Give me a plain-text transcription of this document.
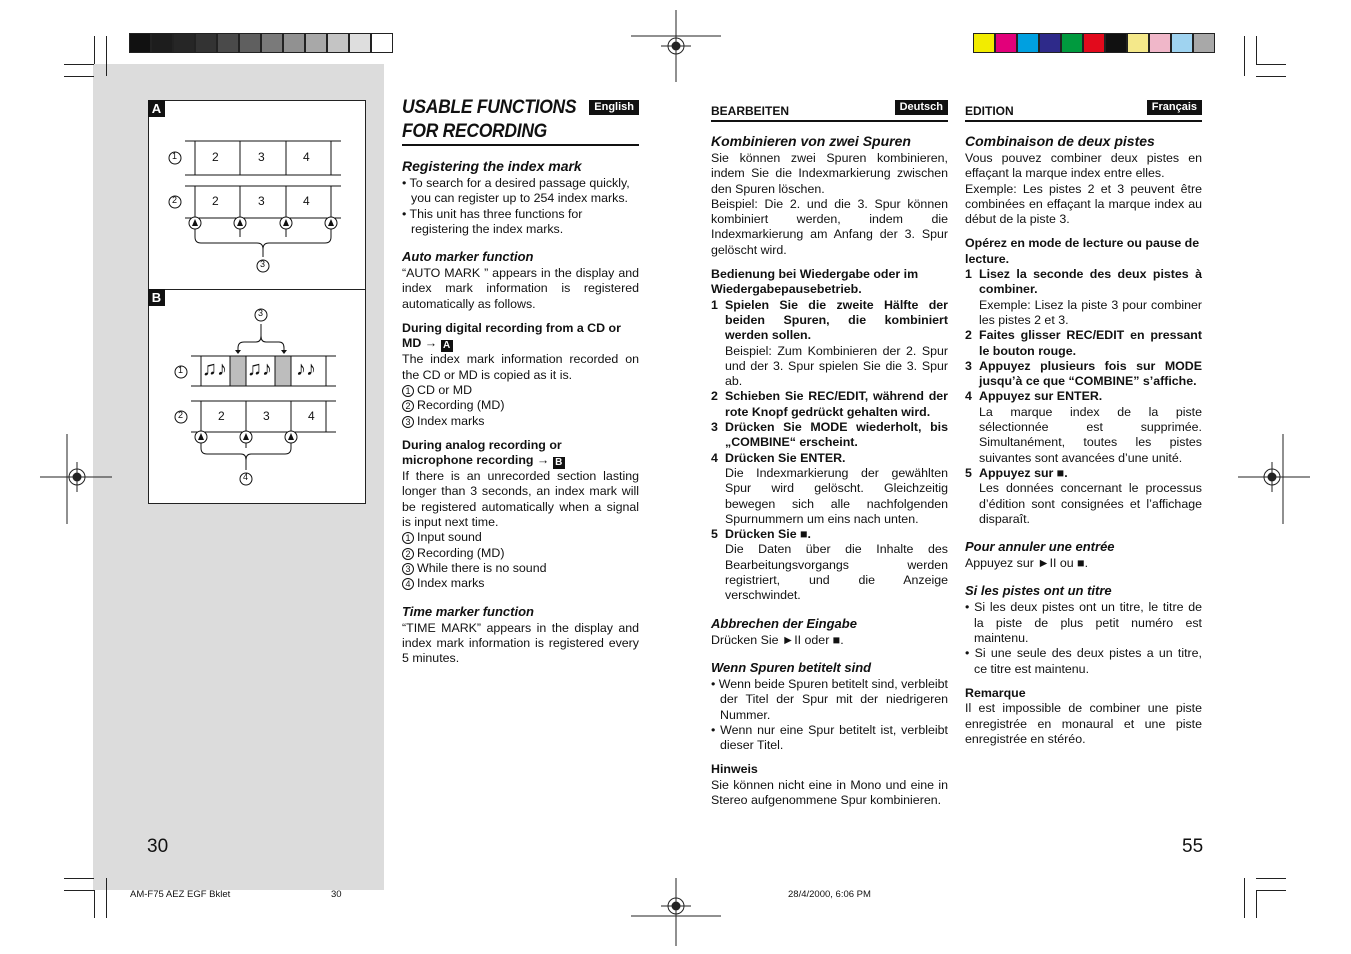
A
1
2
3
2	3	4
2	3	4
B
3
1
2
4
♫♪ ♫♪ ♪♪
2	3	4
USABLE FUNCTIONS
FOR RECORDING
English
Registering the index mark

• To search for a desired passage quickly, you can register up to 254 index marks.

• This unit has three functions for registering the index marks.

Auto marker function

“AUTO MARK ” appears in the display and index mark information is registered automatically as follows.

During digital recording from a CD or MD → A

The index mark information recorded on the CD or MD is copied as it is.

1 CD or MD

2 Recording (MD)

3 Index marks

During analog recording or

microphone recording → B

If there is an unrecorded section lasting longer than 3 seconds, an index mark will be registered automatically when a signal is input next time.

1 Input sound

2 Recording (MD)

3 While there is no sound

4 Index marks

Time marker function

“TIME MARK” appears in the display and index mark information is registered every 5 minutes.

BEARBEITEN	Deutsch
Kombinieren von zwei Spuren

Sie können zwei Spuren kombinieren, indem Sie die Indexmarkierung zwischen den Spuren löschen.

Beispiel: Die 2. und die 3. Spur können kombiniert werden, indem die Indexmarkierung am Anfang der 3. Spur gelöscht wird.

Bedienung bei Wiedergabe oder im Wiedergabepausebetrieb.

1 Spielen Sie die zweite Hälfte der beiden Spuren, die kombiniert werden sollen.

Beispiel: Zum Kombinieren der 2. Spur und der 3. Spur spielen Sie die 3. Spur ab.

2 Schieben Sie REC/EDIT, während der rote Knopf gedrückt gehalten wird.

3 Drücken Sie MODE wiederholt, bis „COMBINE“ erscheint.

4 Drücken Sie ENTER.

Die Indexmarkierung der gewählten Spur wird gelöscht. Gleichzeitig bewegen sich alle nachfolgenden Spurnummern um eins nach unten.

5 Drücken Sie ■.

Die Daten über die Inhalte des Bearbeitungsvorgangs werden registriert, und die Anzeige verschwindet.

Abbrechen der Eingabe

Drücken Sie ►II oder ■.

Wenn Spuren betitelt sind

• Wenn beide Spuren betitelt sind, verbleibt der Titel der Spur mit der niedrigeren Nummer.

• Wenn nur eine Spur betitelt ist, verbleibt dieser Titel.

Hinweis

Sie können nicht eine in Mono und eine in Stereo aufgenommene Spur kombinieren.

EDITION	Français
Combinaison de deux pistes

Vous pouvez combiner deux pistes en effaçant la marque index entre elles.

Exemple: Les pistes 2 et 3 peuvent être combinées en effaçant la marque index au début de la piste 3.

Opérez en mode de lecture ou pause de lecture.

1 Lisez la seconde des deux pistes à combiner.

Exemple: Lisez la piste 3 pour combiner les pistes 2 et 3.

2 Faites glisser REC/EDIT en pressant le bouton rouge.

3 Appuyez plusieurs fois sur MODE jusqu’à ce que “COMBINE” s’affiche.

4 Appuyez sur ENTER.

La marque index de la piste sélectionnée est supprimée. Simultanément, toutes les pistes suivantes sont avancées d’une unité.

5 Appuyez sur ■.

Les données concernant le processus d’édition sont consignées et l’affichage disparaît.

Pour annuler une entrée

Appuyez sur ►II ou ■.

Si les pistes ont un titre

• Si les deux pistes ont un titre, le titre de la piste de plus petit numéro est maintenu.

• Si une seule des deux pistes a un titre, ce titre est maintenu.

Remarque

Il est impossible de combiner une piste enregistrée en monaural et une piste enregistrée en stéréo.

30	55
AM-F75 AEZ EGF Bklet	30	28/4/2000, 6:06 PM
